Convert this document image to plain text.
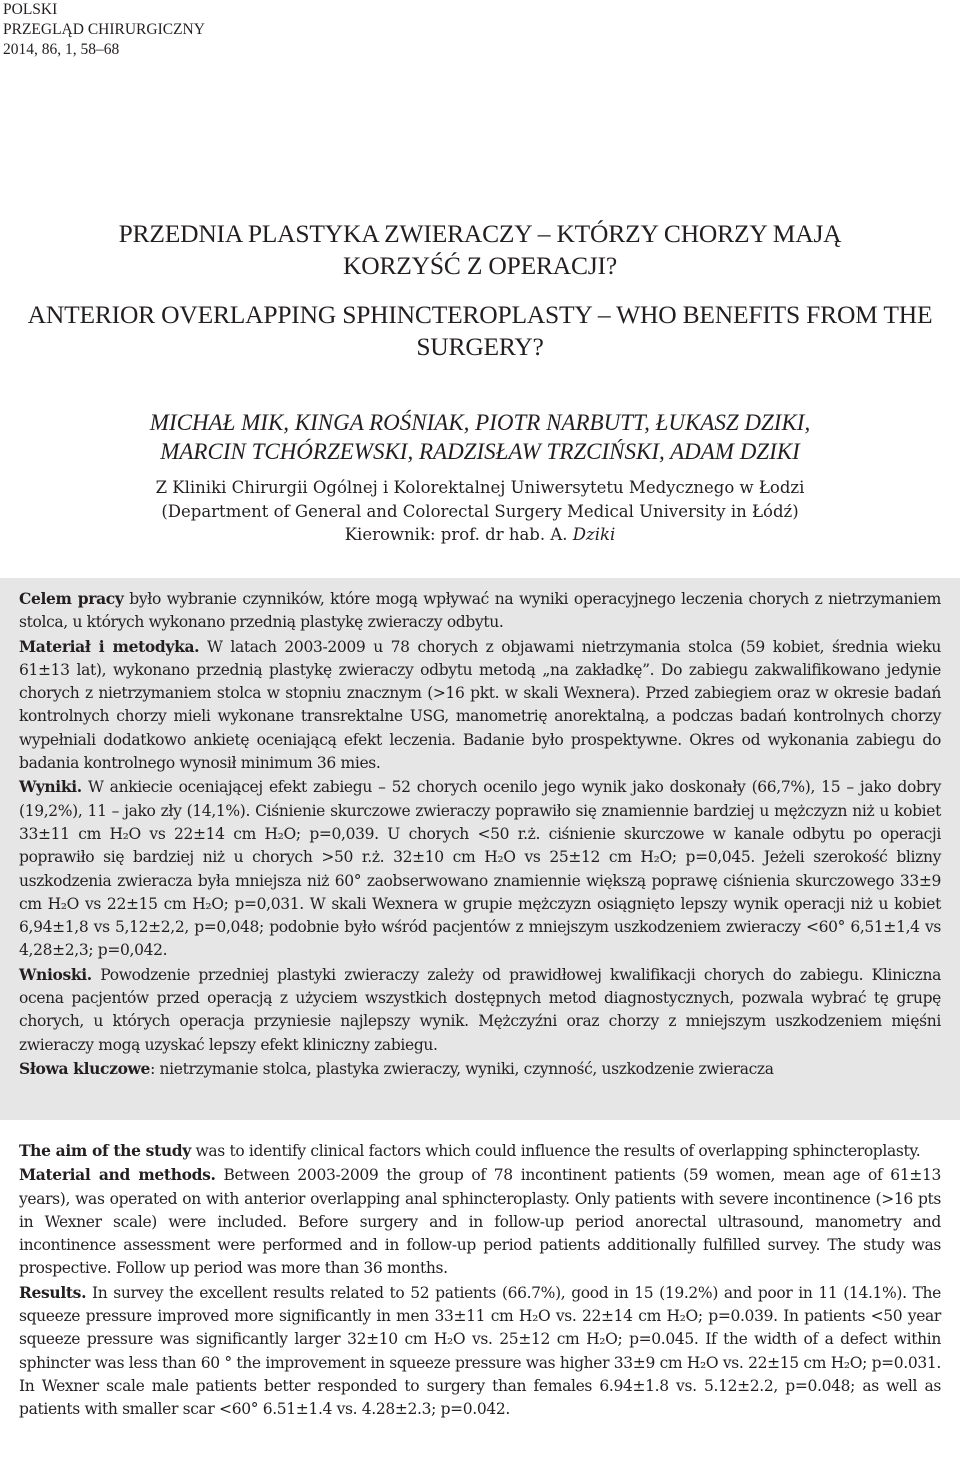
POLSKI
PRZEGLĄD CHIRURGICZNY
2014, 86, 1, 58–68
PRZEDNIA PLASTYKA ZWIERACZY – KTÓRZY CHORZY MAJĄ
KORZYŚĆ Z OPERACJI?
ANTERIOR OVERLAPPING SPHINCTEROPLASTY – WHO BENEFITS FROM THE
SURGERY?
MICHAŁ MIK, KINGA ROŚNIAK, PIOTR NARBUTT, ŁUKASZ DZIKI,
MARCIN TCHÓRZEWSKI, RADZISŁAW TRZCIŃSKI, ADAM DZIKI
Z Kliniki Chirurgii Ogólnej i Kolorektalnej Uniwersytetu Medycznego w Łodzi
(Department of General and Colorectal Surgery Medical University in Łódź)
Kierownik: prof. dr hab. A. Dziki

Celem pracy było wybranie czynników, które mogą wpływać na wyniki operacyjnego leczenia chorych z nietrzymaniem stolca, u których wykonano przednią plastykę zwieraczy odbytu.

Materiał i metodyka. W latach 2003-2009 u 78 chorych z objawami nietrzymania stolca (59 kobiet, średnia wieku 61±13 lat), wykonano przednią plastykę zwieraczy odbytu metodą „na zakładkę”. Do zabiegu zakwalifikowano jedynie chorych z nietrzymaniem stolca w stopniu znacznym (>16 pkt. w skali Wexnera). Przed zabiegiem oraz w okresie badań kontrolnych chorzy mieli wykonane transrektalne USG, manometrię anorektalną, a podczas badań kontrolnych chorzy wypełniali dodatkowo ankietę oceniającą efekt leczenia. Badanie było prospektywne. Okres od wykonania zabiegu do badania kontrolnego wynosił minimum 36 mies.

Wyniki. W ankiecie oceniającej efekt zabiegu – 52 chorych ocenilo jego wynik jako doskonały (66,7%), 15 – jako dobry (19,2%), 11 – jako zły (14,1%). Ciśnienie skurczowe zwieraczy poprawiło się znamiennie bardziej u mężczyzn niż u kobiet 33±11 cm H₂O vs 22±14 cm H₂O; p=0,039. U chorych <50 r.ż. ciśnienie skurczowe w kanale odbytu po operacji poprawiło się bardziej niż u chorych >50 r.ż. 32±10 cm H₂O vs 25±12 cm H₂O; p=0,045. Jeżeli szerokość blizny uszkodzenia zwieracza była mniejsza niż 60° zaobserwowano znamiennie większą poprawę ciśnienia skurczowego 33±9 cm H₂O vs 22±15 cm H₂O; p=0,031. W skali Wexnera w grupie mężczyzn osiągnięto lepszy wynik operacji niż u kobiet 6,94±1,8 vs 5,12±2,2, p=0,048; podobnie było wśród pacjentów z mniejszym uszkodzeniem zwieraczy <60° 6,51±1,4 vs 4,28±2,3; p=0,042.

Wnioski. Powodzenie przedniej plastyki zwieraczy zależy od prawidłowej kwalifikacji chorych do zabiegu. Kliniczna ocena pacjentów przed operacją z użyciem wszystkich dostępnych metod diagnostycznych, pozwala wybrać tę grupę chorych, u których operacja przyniesie najlepszy wynik. Mężczyźni oraz chorzy z mniejszym uszkodzeniem mięśni zwieraczy mogą uzyskać lepszy efekt kliniczny zabiegu.

Słowa kluczowe: nietrzymanie stolca, plastyka zwieraczy, wyniki, czynność, uszkodzenie zwieracza

The aim of the study was to identify clinical factors which could influence the results of overlapping sphincteroplasty.

Material and methods. Between 2003-2009 the group of 78 incontinent patients (59 women, mean age of 61±13 years), was operated on with anterior overlapping anal sphincteroplasty. Only patients with severe incontinence (>16 pts in Wexner scale) were included. Before surgery and in follow-up period anorectal ultrasound, manometry and incontinence assessment were performed and in follow-up period patients additionally fulfilled survey. The study was prospective. Follow up period was more than 36 months.

Results. In survey the excellent results related to 52 patients (66.7%), good in 15 (19.2%) and poor in 11 (14.1%). The squeeze pressure improved more significantly in men 33±11 cm H₂O vs. 22±14 cm H₂O; p=0.039. In patients <50 year squeeze pressure was significantly larger 32±10 cm H₂O vs. 25±12 cm H₂O; p=0.045. If the width of a defect within sphincter was less than 60 ° the improvement in squeeze pressure was higher 33±9 cm H₂O vs. 22±15 cm H₂O; p=0.031. In Wexner scale male patients better responded to surgery than females 6.94±1.8 vs. 5.12±2.2, p=0.048; as well as patients with smaller scar <60° 6.51±1.4 vs. 4.28±2.3; p=0.042.
